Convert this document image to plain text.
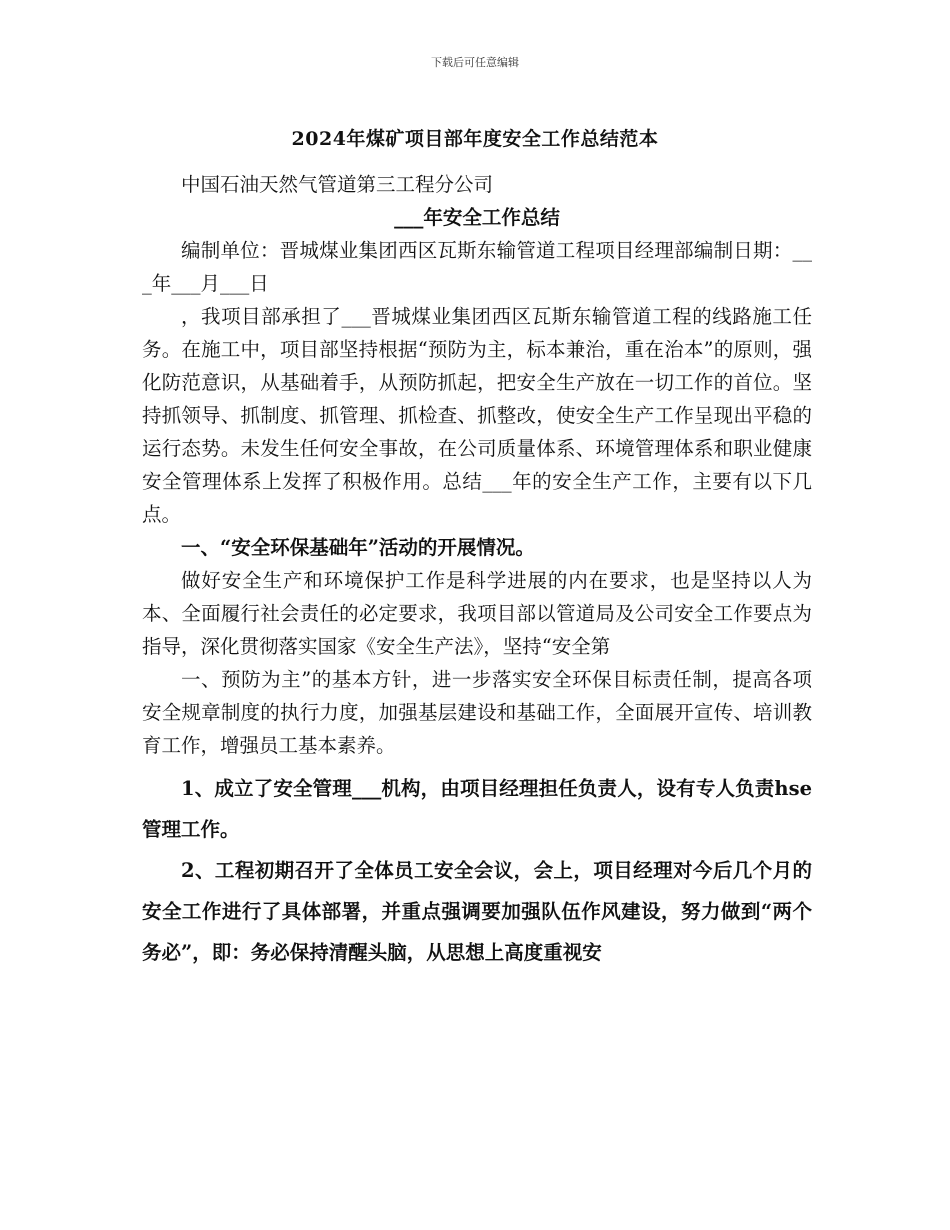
下载后可任意编辑
2024年煤矿项目部年度安全工作总结范本

中国石油天然气管道第三工程分公司

___年安全工作总结

编制单位：晋城煤业集团西区瓦斯东输管道工程项目经理部编制日期：___年___月___日

，我项目部承担了___晋城煤业集团西区瓦斯东输管道工程的线路施工任务。在施工中，项目部坚持根据“预防为主，标本兼治，重在治本”的原则，强化防范意识，从基础着手，从预防抓起，把安全生产放在一切工作的首位。坚持抓领导、抓制度、抓管理、抓检查、抓整改，使安全生产工作呈现出平稳的运行态势。未发生任何安全事故，在公司质量体系、环境管理体系和职业健康安全管理体系上发挥了积极作用。总结___年的安全生产工作，主要有以下几点。

一、“安全环保基础年”活动的开展情况。

做好安全生产和环境保护工作是科学进展的内在要求，也是坚持以人为本、全面履行社会责任的必定要求，我项目部以管道局及公司安全工作要点为指导，深化贯彻落实国家《安全生产法》，坚持“安全第

一、预防为主”的基本方针，进一步落实安全环保目标责任制，提高各项安全规章制度的执行力度，加强基层建设和基础工作，全面展开宣传、培训教育工作，增强员工基本素养。

1、成立了安全管理___机构，由项目经理担任负责人，设有专人负责hse管理工作。

2、工程初期召开了全体员工安全会议，会上，项目经理对今后几个月的安全工作进行了具体部署，并重点强调要加强队伍作风建设，努力做到“两个务必”，即：务必保持清醒头脑，从思想上高度重视安
